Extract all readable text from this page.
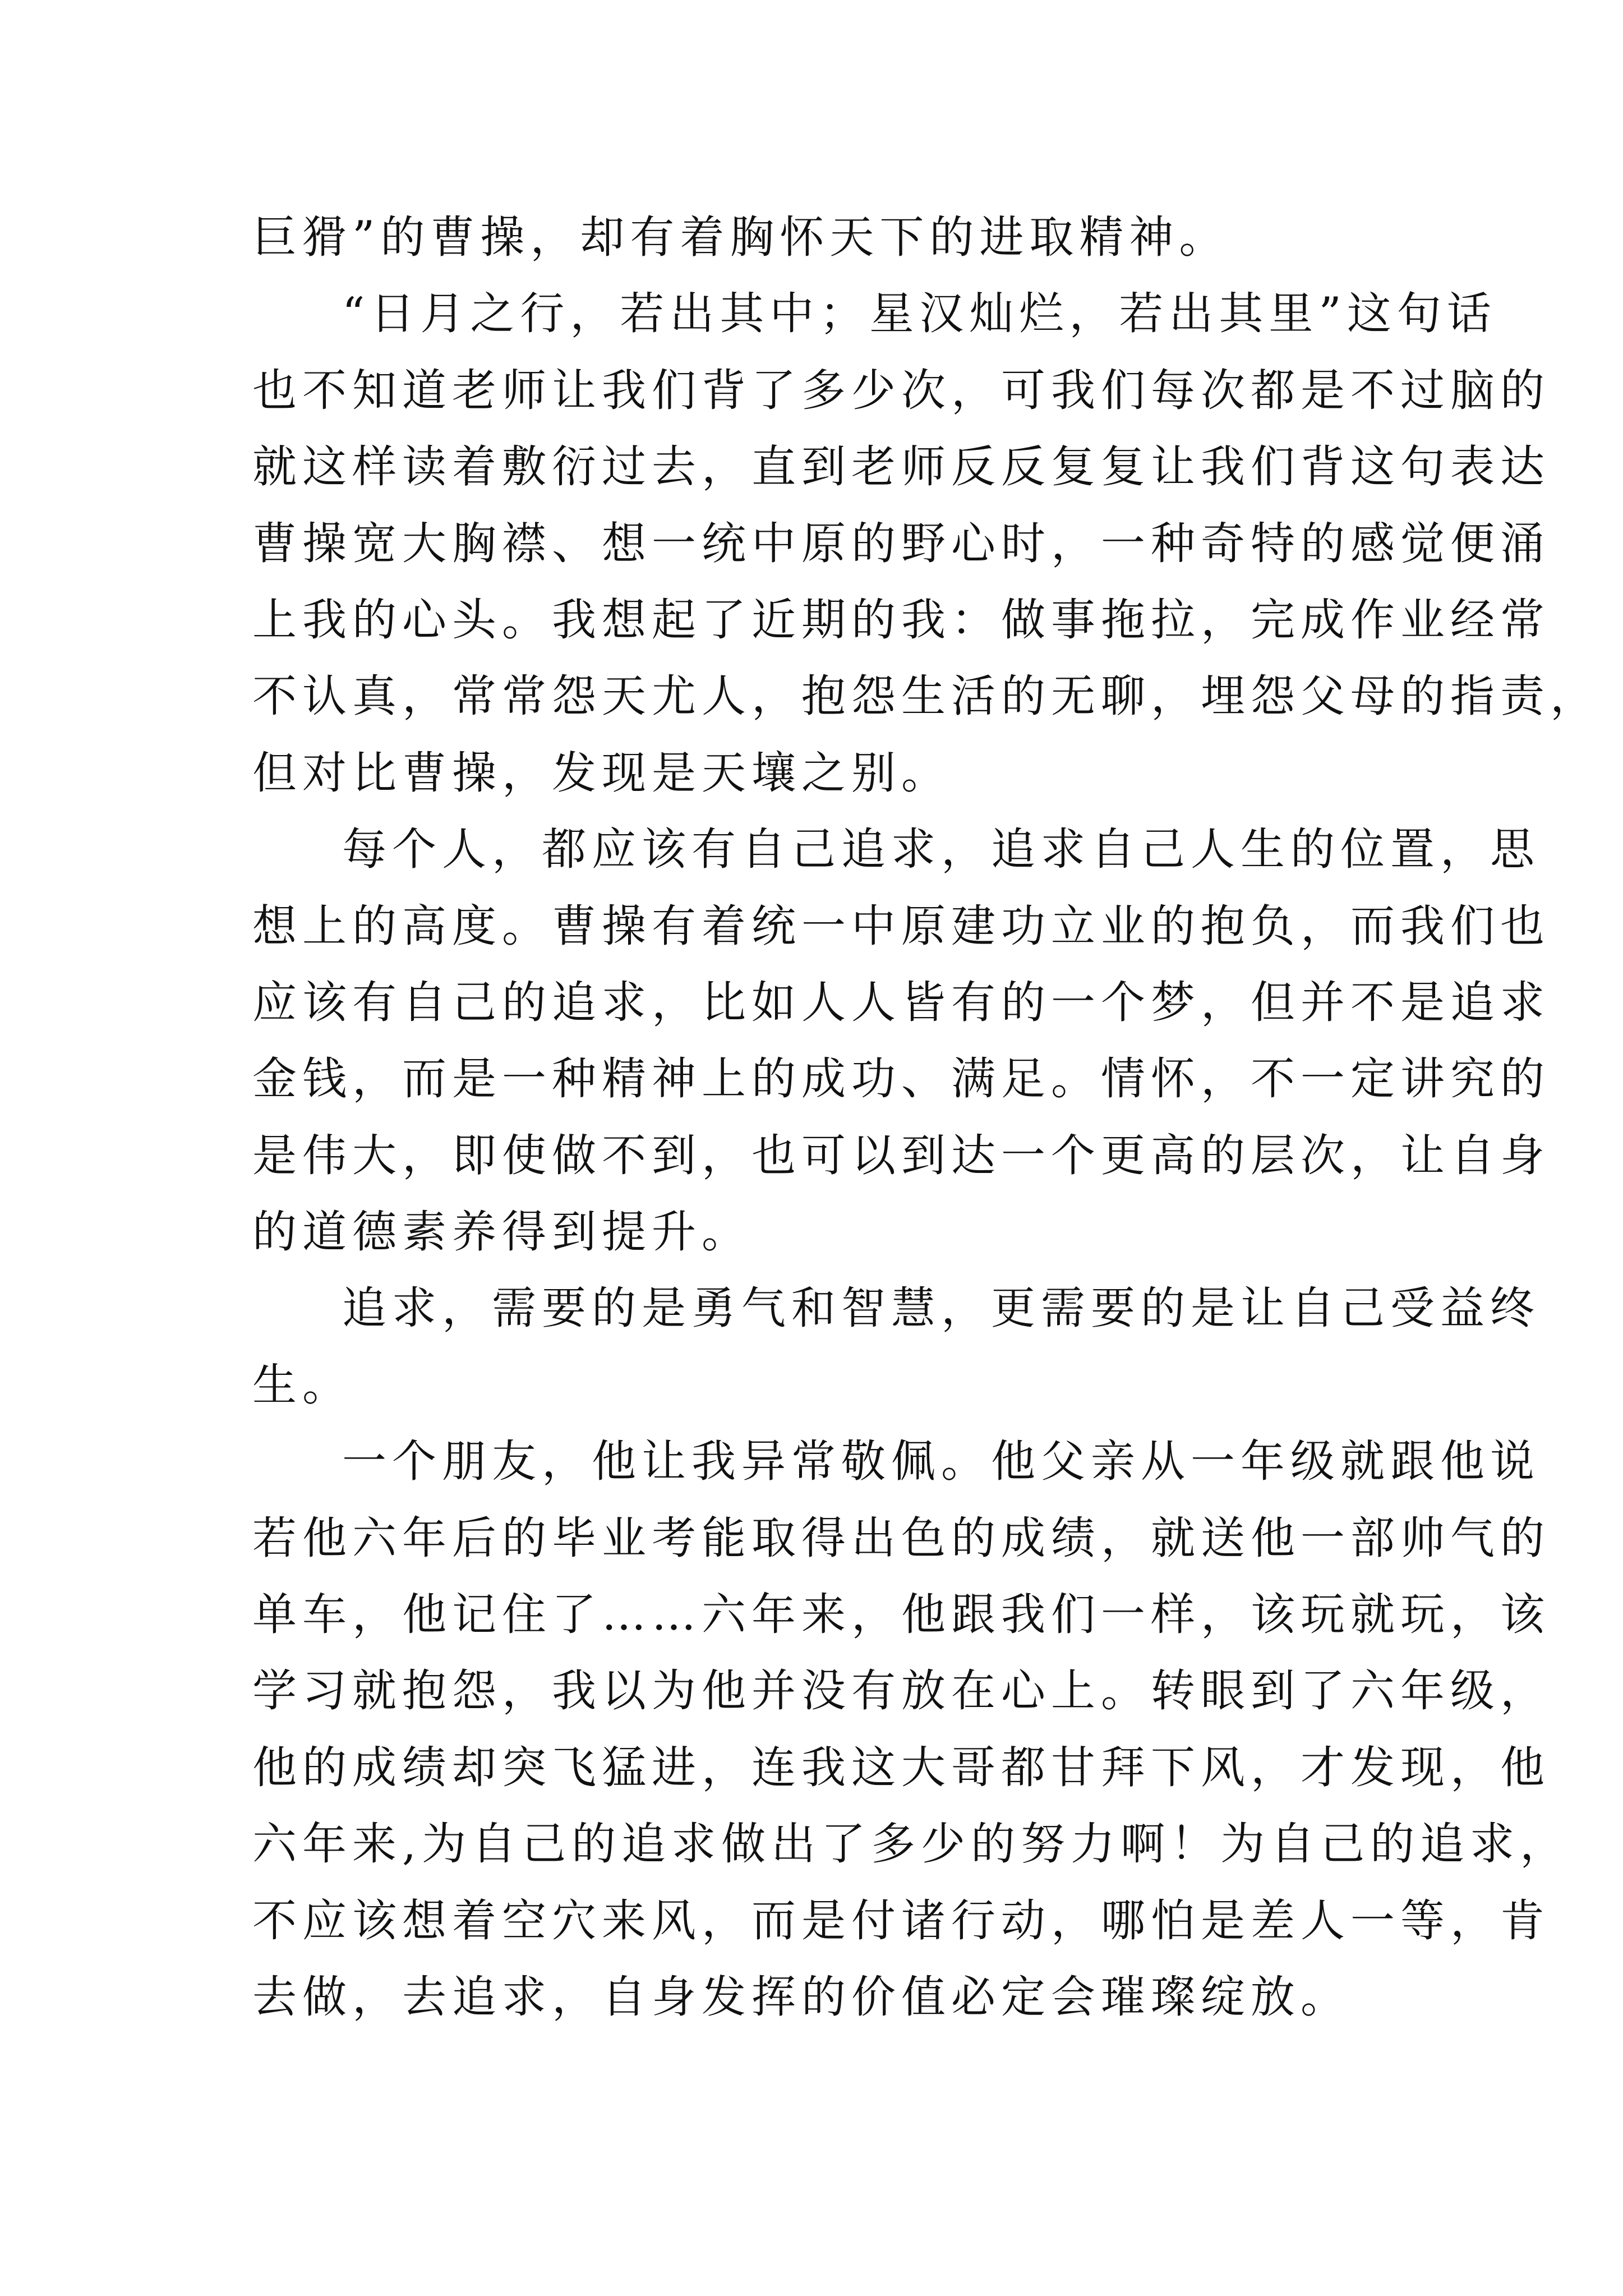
巨猾”的曹操，却有着胸怀天下的进取精神。
“日月之行，若出其中；星汉灿烂，若出其里”这句话
也不知道老师让我们背了多少次，可我们每次都是不过脑的
就这样读着敷衍过去，直到老师反反复复让我们背这句表达
曹操宽大胸襟、想一统中原的野心时，一种奇特的感觉便涌
上我的心头。我想起了近期的我：做事拖拉，完成作业经常
不认真，常常怨天尤人，抱怨生活的无聊，埋怨父母的指责，
但对比曹操，发现是天壤之别。
每个人，都应该有自己追求，追求自己人生的位置，思
想上的高度。曹操有着统一中原建功立业的抱负，而我们也
应该有自己的追求，比如人人皆有的一个梦，但并不是追求
金钱，而是一种精神上的成功、满足。情怀，不一定讲究的
是伟大，即使做不到，也可以到达一个更高的层次，让自身
的道德素养得到提升。
追求，需要的是勇气和智慧，更需要的是让自己受益终
生。
一个朋友，他让我异常敬佩。他父亲从一年级就跟他说
若他六年后的毕业考能取得出色的成绩，就送他一部帅气的
单车，他记住了……六年来，他跟我们一样，该玩就玩，该
学习就抱怨，我以为他并没有放在心上。转眼到了六年级，
他的成绩却突飞猛进，连我这大哥都甘拜下风，才发现，他
六年来,为自己的追求做出了多少的努力啊！为自己的追求，
不应该想着空穴来风，而是付诸行动，哪怕是差人一等，肯
去做，去追求，自身发挥的价值必定会璀璨绽放。
